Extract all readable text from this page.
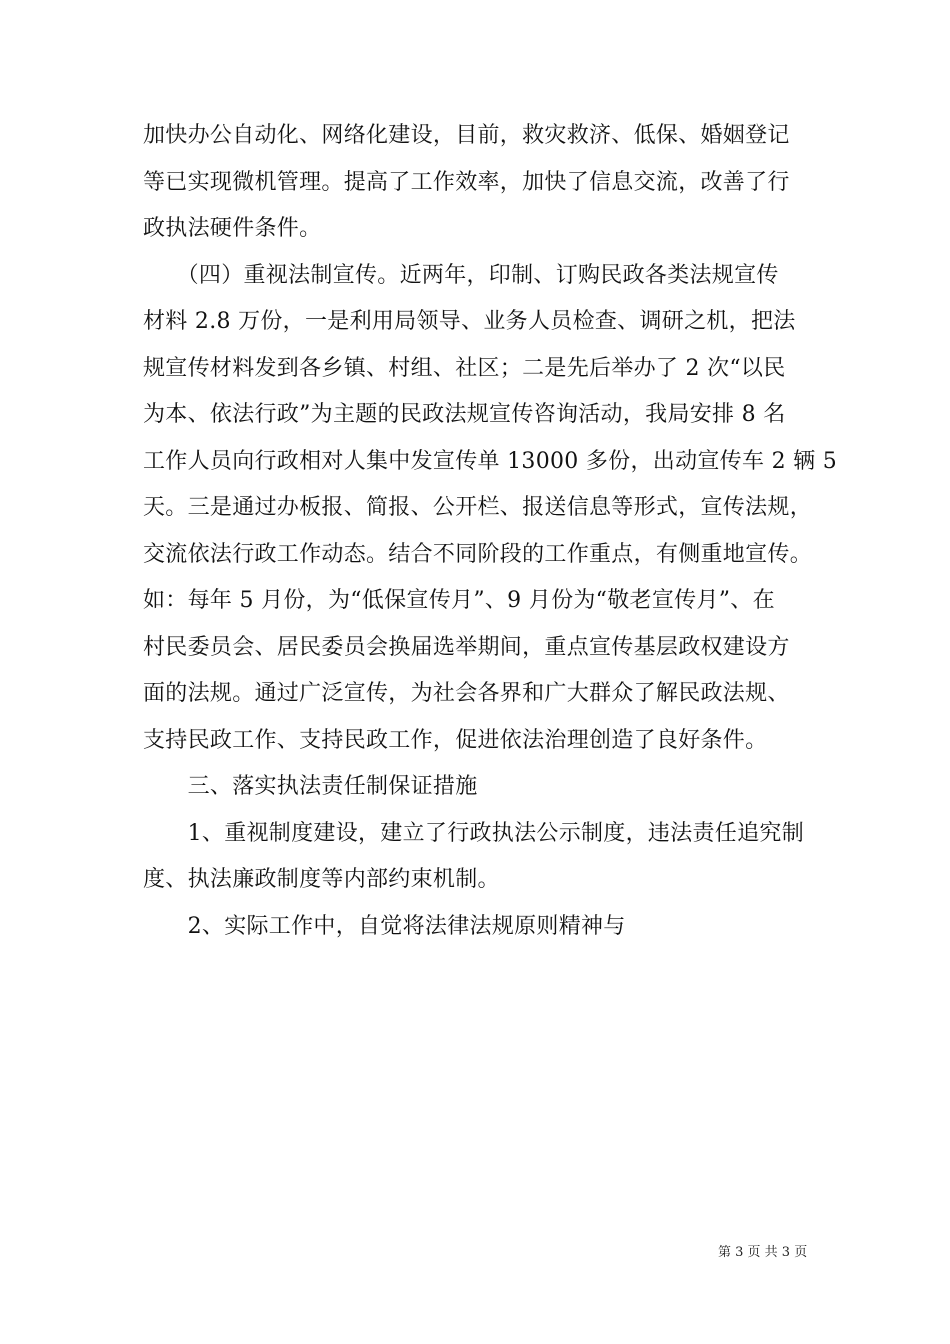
加快办公自动化、网络化建设，目前，救灾救济、低保、婚姻登记
等已实现微机管理。提高了工作效率，加快了信息交流，改善了行
政执法硬件条件。
　　（四）重视法制宣传。近两年，印制、订购民政各类法规宣传
材料 2.8 万份，一是利用局领导、业务人员检查、调研之机，把法
规宣传材料发到各乡镇、村组、社区；二是先后举办了 2 次“以民
为本、依法行政”为主题的民政法规宣传咨询活动，我局安排 8 名
工作人员向行政相对人集中发宣传单 13000 多份，出动宣传车 2 辆 5
天。三是通过办板报、简报、公开栏、报送信息等形式，宣传法规，
交流依法行政工作动态。结合不同阶段的工作重点，有侧重地宣传。
如：每年 5 月份，为“低保宣传月”、9 月份为“敬老宣传月”、在
村民委员会、居民委员会换届选举期间，重点宣传基层政权建设方
面的法规。通过广泛宣传，为社会各界和广大群众了解民政法规、
支持民政工作、支持民政工作，促进依法治理创造了良好条件。
　　三、落实执法责任制保证措施
　　1、重视制度建设，建立了行政执法公示制度，违法责任追究制
度、执法廉政制度等内部约束机制。
　　2、实际工作中，自觉将法律法规原则精神与
第 3 页 共 3 页
